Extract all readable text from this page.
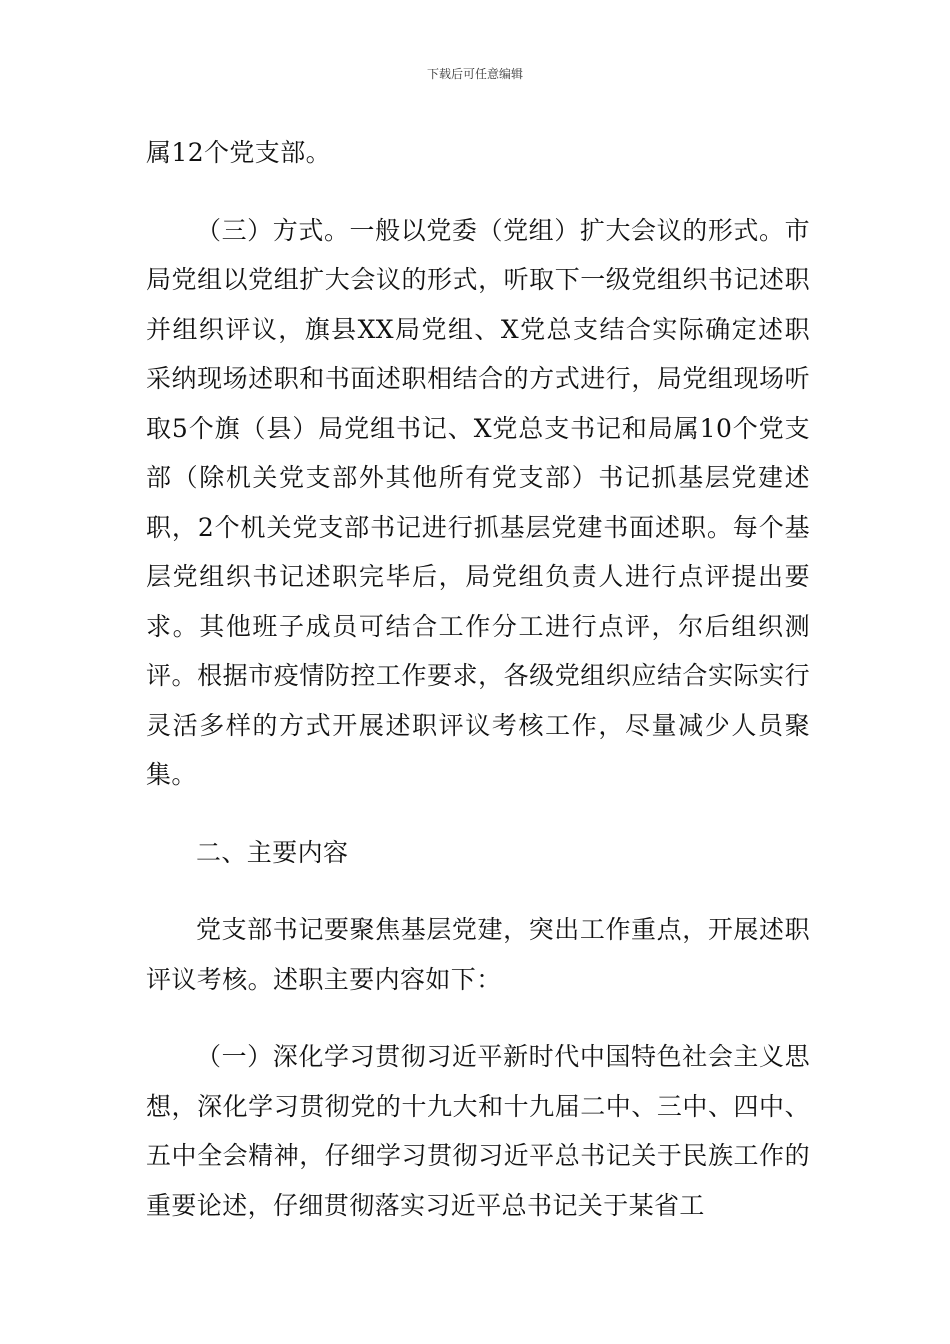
下载后可任意编辑

属12个党支部。

（三）方式。一般以党委（党组）扩大会议的形式。市局党组以党组扩大会议的形式，听取下一级党组织书记述职并组织评议，旗县XX局党组、X党总支结合实际确定述职采纳现场述职和书面述职相结合的方式进行，局党组现场听取5个旗（县）局党组书记、X党总支书记和局属10个党支部（除机关党支部外其他所有党支部）书记抓基层党建述职，2个机关党支部书记进行抓基层党建书面述职。每个基层党组织书记述职完毕后，局党组负责人进行点评提出要求。其他班子成员可结合工作分工进行点评，尔后组织测评。根据市疫情防控工作要求，各级党组织应结合实际实行灵活多样的方式开展述职评议考核工作，尽量减少人员聚集。

二、主要内容

党支部书记要聚焦基层党建，突出工作重点，开展述职评议考核。述职主要内容如下：

（一）深化学习贯彻习近平新时代中国特色社会主义思想，深化学习贯彻党的十九大和十九届二中、三中、四中、五中全会精神，仔细学习贯彻习近平总书记关于民族工作的重要论述，仔细贯彻落实习近平总书记关于某省工
